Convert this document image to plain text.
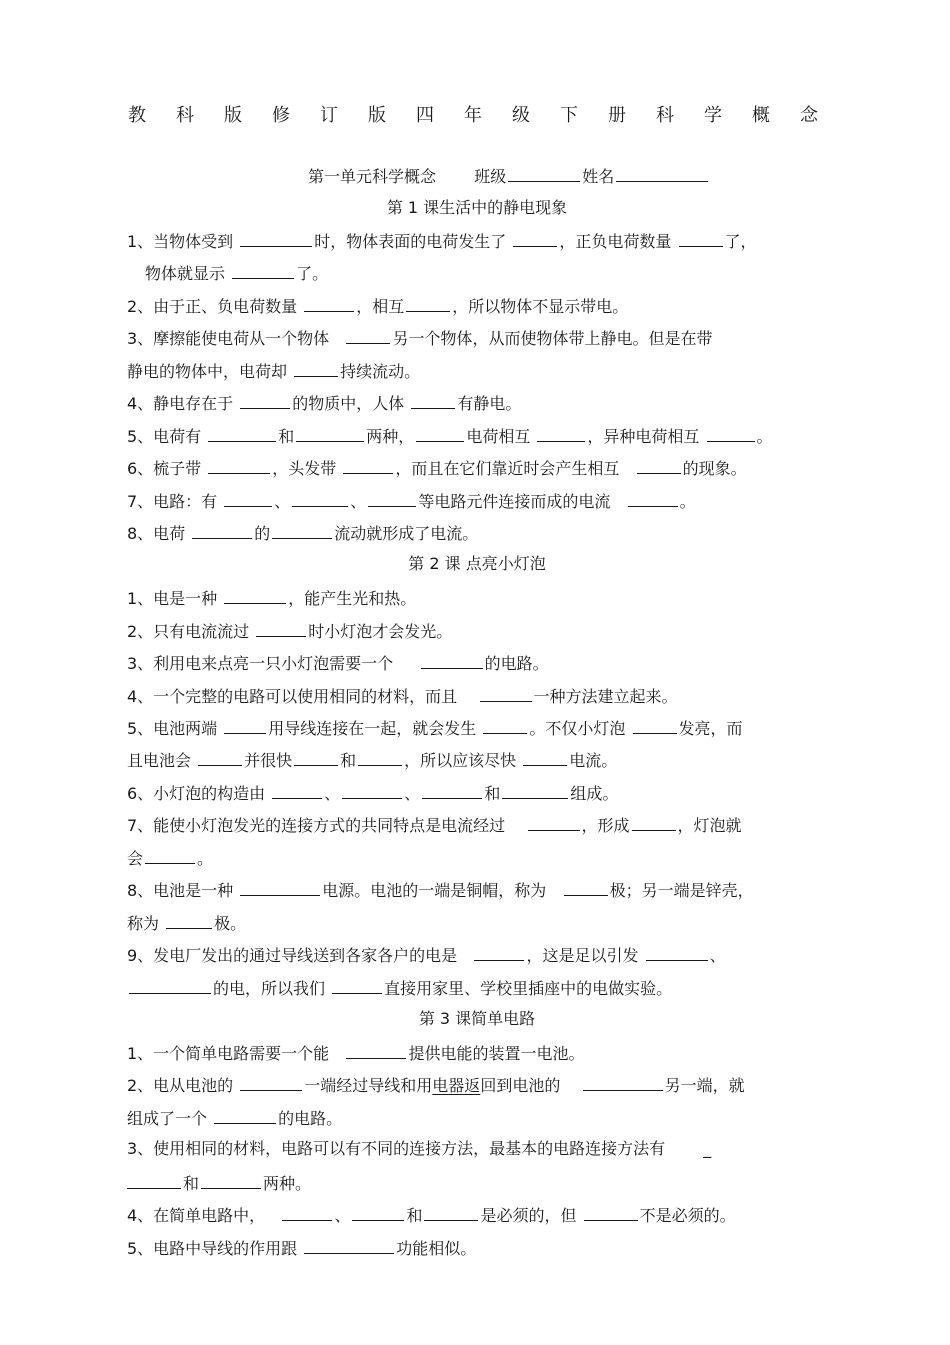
教 科 版 修 订 版 四 年 级 下 册 科 学 概 念
第一单元科学概念 班级	姓名
第 1 课生活中的静电现象
1、当物体受到	时，物体表面的电荷发生了	，正负电荷数量	了，
物体就显示	了。
2、由于正、负电荷数量	，相互	，所以物体不显示带电。
3、摩擦能使电荷从一个物体	另一个物体，从而使物体带上静电。但是在带
静电的物体中，电荷却	持续流动。
4、静电存在于	的物质中，人体	有静电。
5、电荷有	和	两种，	电荷相互	，异种电荷相互	。
6、梳子带	，头发带	，而且在它们靠近时会产生相互	的现象。
7、电路：有	、	、	等电路元件连接而成的电流	。
8、电荷	的	流动就形成了电流。
第 2 课 点亮小灯泡
1、电是一种	，能产生光和热。
2、只有电流流过	时小灯泡才会发光。
3、利用电来点亮一只小灯泡需要一个	的电路。
4、一个完整的电路可以使用相同的材料，而且	一种方法建立起来。
5、电池两端	用导线连接在一起，就会发生	。不仅小灯泡	发亮，而
且电池会	并很快	和	，所以应该尽快	电流。
6、小灯泡的构造由	、	、	和	组成。
7、能使小灯泡发光的连接方式的共同特点是电流经过	，形成	，灯泡就
会	。
8、电池是一种	电源。电池的一端是铜帽，称为	极；另一端是锌壳，
称为	极。
9、发电厂发出的通过导线送到各家各户的电是	，这是足以引发	、
的电，所以我们	直接用家里、学校里插座中的电做实验。
第 3 课简单电路
1、一个简单电路需要一个能	提供电能的装置一电池。
2、电从电池的	一端经过导线和用电器返回到电池的	另一端，就
组成了一个	的电路。
3、使用相同的材料，电路可以有不同的连接方法，最基本的电路连接方法有 _
和	两种。
4、在简单电路中，	、	和	是必须的，但	不是必须的。
5、电路中导线的作用跟	功能相似。
